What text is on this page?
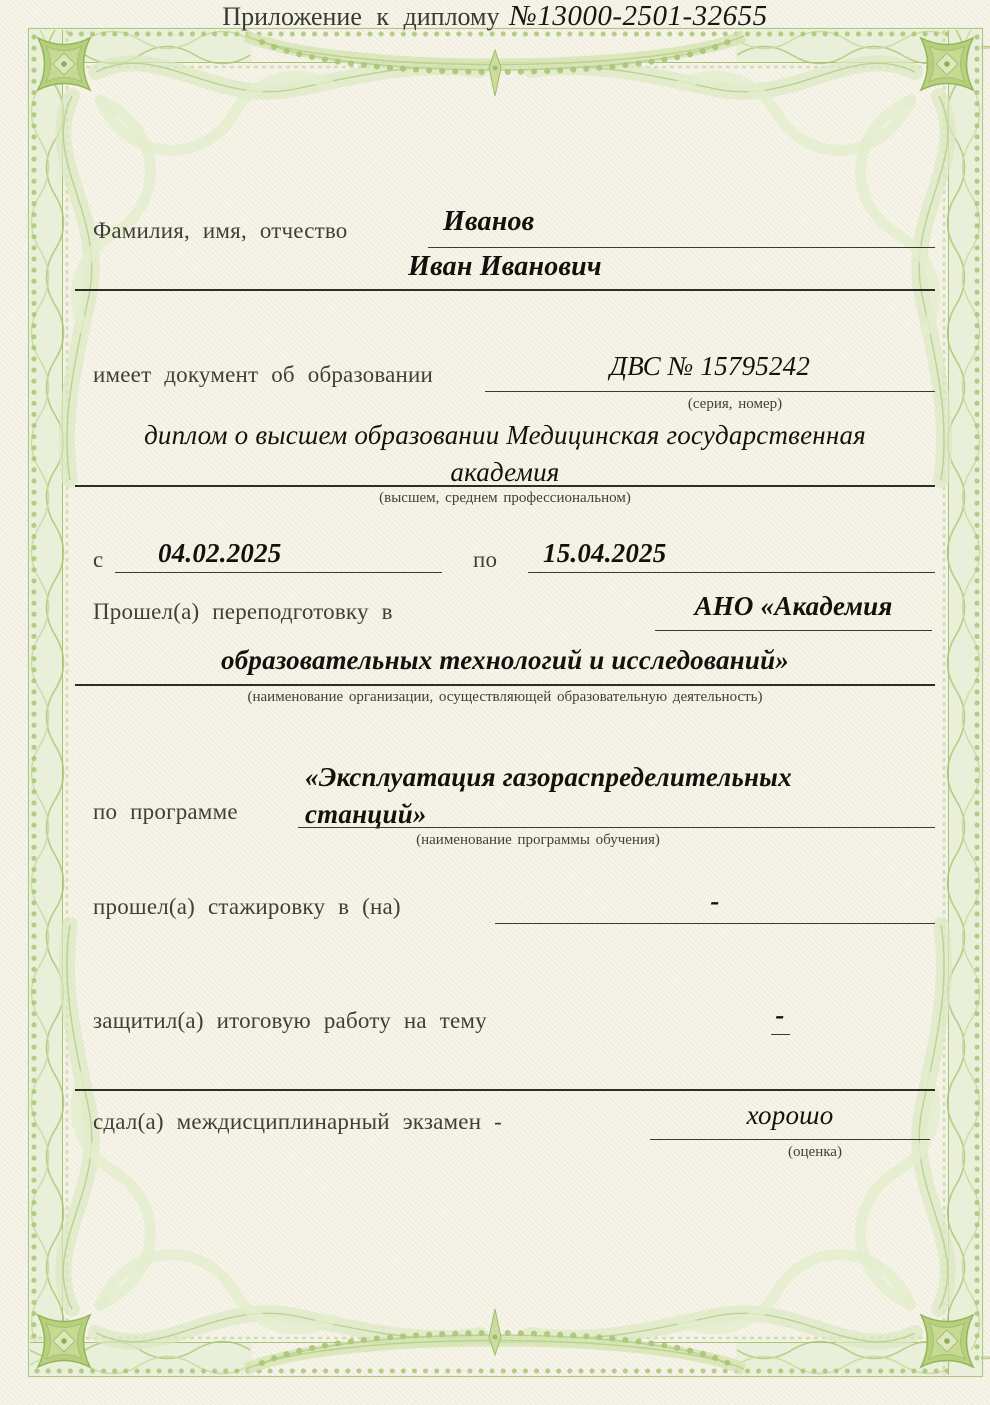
Приложение к диплому №13000-2501-32655
Фамилия, имя, отчество	Иванов
Иван Иванович
имеет документ об образовании	ДВС № 15795242
(серия, номер)
диплом о высшем образовании Медицинская государственная
академия
(высшем, среднем профессиональном)
с 04.02.2025	по 15.04.2025
Прошел(а) переподготовку в	АНО «Академия
образовательных технологий и исследований»
(наименование организации, осуществляющей образовательную деятельность)
по программе
«Эксплуатация газораспределительных
станций»
(наименование программы обучения)
прошел(а) стажировку в (на)	-
защитил(а) итоговую работу на тему	-
сдал(а) междисциплинарный экзамен -	хорошо
(оценка)
